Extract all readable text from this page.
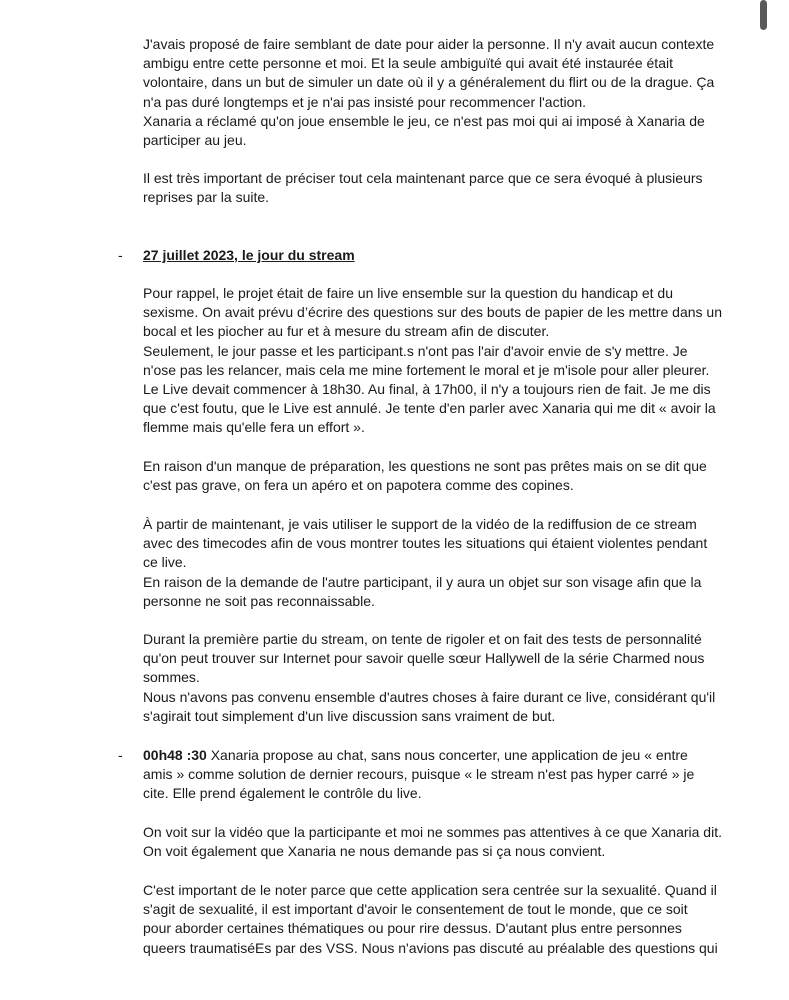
J'avais proposé de faire semblant de date pour aider la personne. Il n'y avait aucun contexte
ambigu entre cette personne et moi. Et la seule ambiguïté qui avait été instaurée était
volontaire, dans un but de simuler un date où il y a généralement du flirt ou de la drague. Ça
n'a pas duré longtemps et je n'ai pas insisté pour recommencer l'action.
Xanaria a réclamé qu'on joue ensemble le jeu, ce n'est pas moi qui ai imposé à Xanaria de
participer au jeu.
Il est très important de préciser tout cela maintenant parce que ce sera évoqué à plusieurs
reprises par la suite.
- 27 juillet 2023, le jour du stream
Pour rappel, le projet était de faire un live ensemble sur la question du handicap et du
sexisme. On avait prévu d’écrire des questions sur des bouts de papier de les mettre dans un
bocal et les piocher au fur et à mesure du stream afin de discuter.
Seulement, le jour passe et les participant.s n'ont pas l'air d'avoir envie de s'y mettre. Je
n'ose pas les relancer, mais cela me mine fortement le moral et je m'isole pour aller pleurer.
Le Live devait commencer à 18h30. Au final, à 17h00, il n'y a toujours rien de fait. Je me dis
que c'est foutu, que le Live est annulé. Je tente d'en parler avec Xanaria qui me dit « avoir la
flemme mais qu'elle fera un effort ».
En raison d'un manque de préparation, les questions ne sont pas prêtes mais on se dit que
c'est pas grave, on fera un apéro et on papotera comme des copines.
À partir de maintenant, je vais utiliser le support de la vidéo de la rediffusion de ce stream
avec des timecodes afin de vous montrer toutes les situations qui étaient violentes pendant
ce live.
En raison de la demande de l'autre participant, il y aura un objet sur son visage afin que la
personne ne soit pas reconnaissable.
Durant la première partie du stream, on tente de rigoler et on fait des tests de personnalité
qu'on peut trouver sur Internet pour savoir quelle sœur Hallywell de la série Charmed nous
sommes.
Nous n'avons pas convenu ensemble d'autres choses à faire durant ce live, considérant qu'il
s'agirait tout simplement d'un live discussion sans vraiment de but.
- 00h48 :30 Xanaria propose au chat, sans nous concerter, une application de jeu « entre
amis » comme solution de dernier recours, puisque « le stream n'est pas hyper carré » je
cite. Elle prend également le contrôle du live.
On voit sur la vidéo que la participante et moi ne sommes pas attentives à ce que Xanaria dit.
On voit également que Xanaria ne nous demande pas si ça nous convient.
C'est important de le noter parce que cette application sera centrée sur la sexualité. Quand il
s'agit de sexualité, il est important d'avoir le consentement de tout le monde, que ce soit
pour aborder certaines thématiques ou pour rire dessus. D'autant plus entre personnes
queers traumatiséEs par des VSS. Nous n'avions pas discuté au préalable des questions qui
